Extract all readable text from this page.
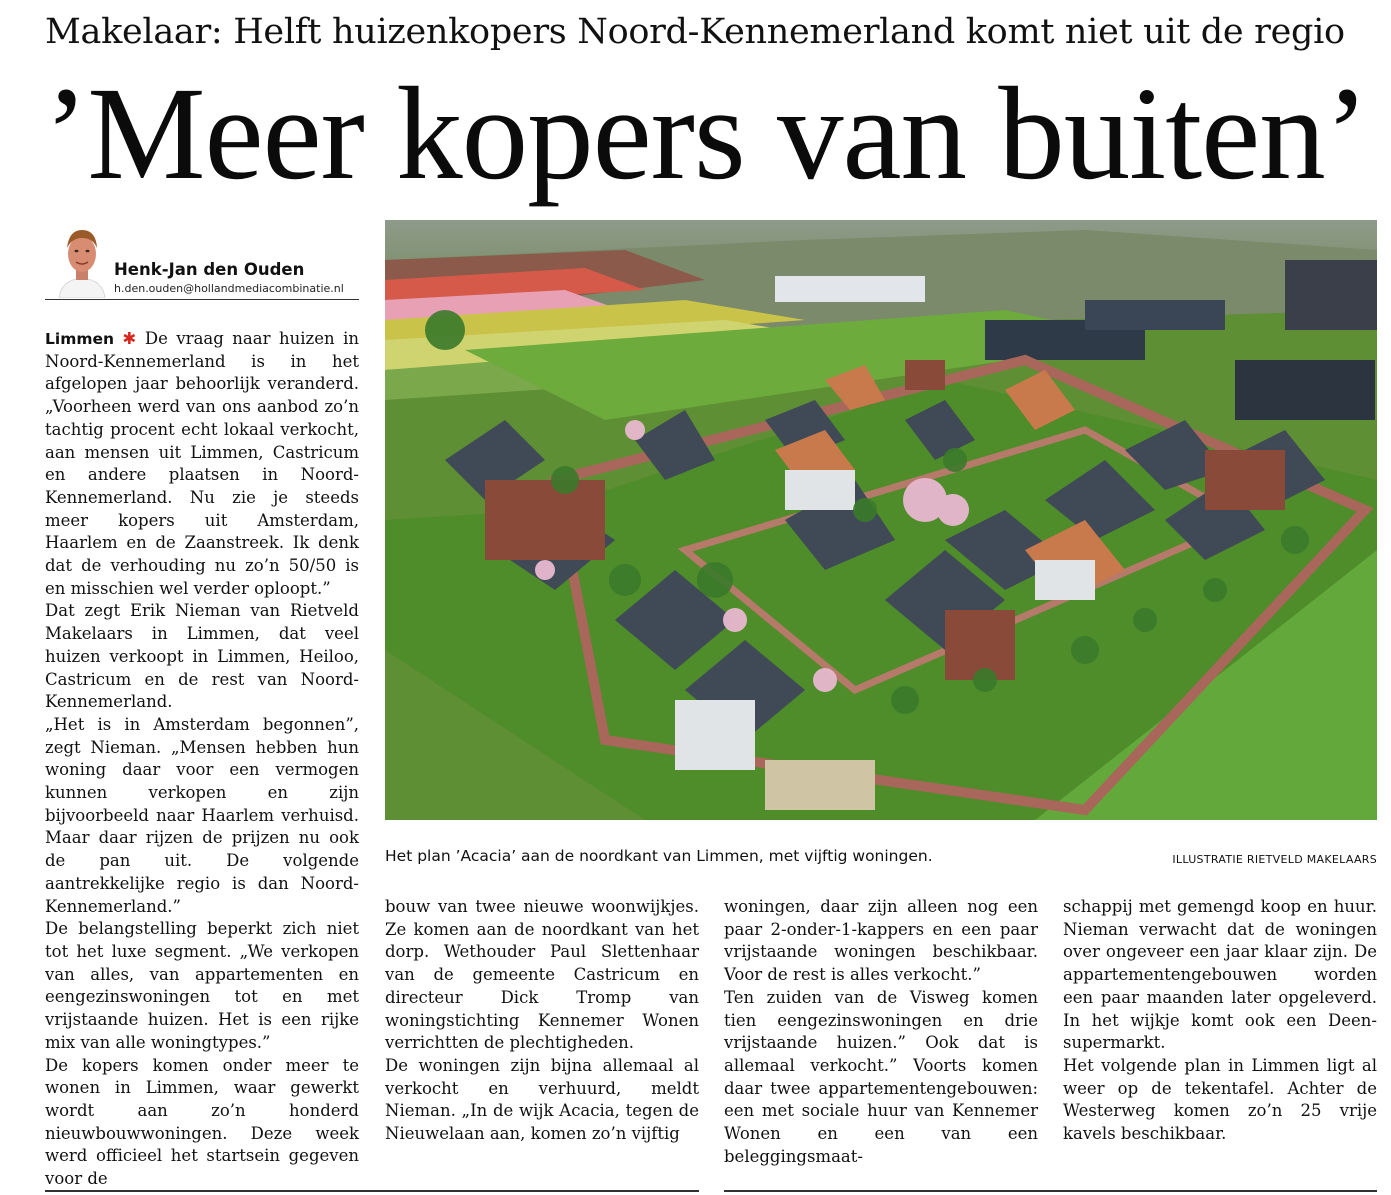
Makelaar: Helft huizenkopers Noord-Kennemerland komt niet uit de regio
’Meer kopers van buiten’
Henk-Jan den Ouden
h.den.ouden@hollandmediacombinatie.nl

Limmen ✱ De vraag naar huizen in Noord-Kennemerland is in het afgelopen jaar behoorlijk veranderd. „Voorheen werd van ons aanbod zo’n tachtig procent echt lokaal verkocht, aan mensen uit Limmen, Castricum en andere plaatsen in Noord-Kennemerland. Nu zie je steeds meer kopers uit Amsterdam, Haarlem en de Zaanstreek. Ik denk dat de verhouding nu zo’n 50/50 is en misschien wel verder oploopt.”

Dat zegt Erik Nieman van Rietveld Makelaars in Limmen, dat veel huizen verkoopt in Limmen, Heiloo, Castricum en de rest van Noord-Kennemerland.

„Het is in Amsterdam begonnen”, zegt Nieman. „Mensen hebben hun woning daar voor een vermogen kunnen verkopen en zijn bijvoorbeeld naar Haarlem verhuisd. Maar daar rijzen de prijzen nu ook de pan uit. De volgende aantrekkelijke regio is dan Noord-Kennemerland.”

De belangstelling beperkt zich niet tot het luxe segment. „We verkopen van alles, van appartementen en eengezinswoningen tot en met vrijstaande huizen. Het is een rijke mix van alle woningtypes.”

De kopers komen onder meer te wonen in Limmen, waar gewerkt wordt aan zo’n honderd nieuwbouwwoningen. Deze week werd officieel het startsein gegeven voor de

Het plan ’Acacia’ aan de noordkant van Limmen, met vijftig woningen.	ILLUSTRATIE RIETVELD MAKELAARS

bouw van twee nieuwe woonwijkjes. Ze komen aan de noordkant van het dorp. Wethouder Paul Slettenhaar van de gemeente Castricum en directeur Dick Tromp van woningstichting Kennemer Wonen verrichtten de plechtigheden.

De woningen zijn bijna allemaal al verkocht en verhuurd, meldt Nieman. „In de wijk Acacia, tegen de Nieuwelaan aan, komen zo’n vijftig

woningen, daar zijn alleen nog een paar 2-onder-1-kappers en een paar vrijstaande woningen beschikbaar. Voor de rest is alles verkocht.”

Ten zuiden van de Visweg komen tien eengezinswoningen en drie vrijstaande huizen.” Ook dat is allemaal verkocht.” Voorts komen daar twee appartementengebouwen: een met sociale huur van Kennemer Wonen en een van een beleggingsmaat-

schappij met gemengd koop en huur. Nieman verwacht dat de woningen over ongeveer een jaar klaar zijn. De appartementengebouwen worden een paar maanden later opgeleverd. In het wijkje komt ook een Deen-supermarkt.

Het volgende plan in Limmen ligt al weer op de tekentafel. Achter de Westerweg komen zo’n 25 vrije kavels beschikbaar.
